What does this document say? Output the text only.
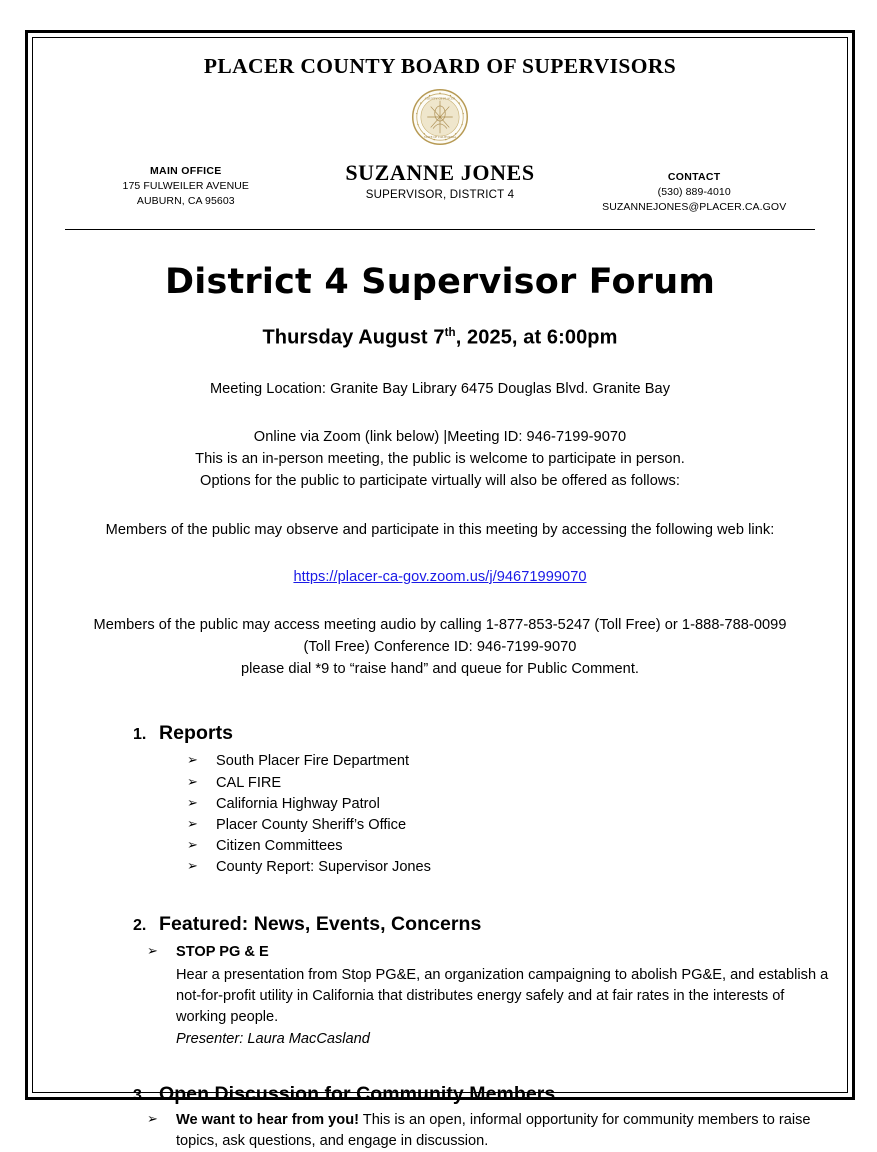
PLACER COUNTY BOARD OF SUPERVISORS
COUNTY OF PLACER
STATE OF CALIFORNIA
MAIN OFFICE
175 FULWEILER AVENUE
AUBURN, CA 95603
SUZANNE JONES
SUPERVISOR, DISTRICT 4
CONTACT
(530) 889-4010
SUZANNEJONES@PLACER.CA.GOV
District 4 Supervisor Forum
Thursday August 7th, 2025, at 6:00pm
Meeting Location: Granite Bay Library 6475 Douglas Blvd. Granite Bay
Online via Zoom (link below) |Meeting ID: 946-7199-9070
This is an in-person meeting, the public is welcome to participate in person.
Options for the public to participate virtually will also be offered as follows:
Members of the public may observe and participate in this meeting by accessing the following web link:
https://placer-ca-gov.zoom.us/j/94671999070
Members of the public may access meeting audio by calling 1-877-853-5247 (Toll Free) or 1-888-788-0099
(Toll Free) Conference ID: 946-7199-9070
please dial *9 to “raise hand” and queue for Public Comment.
1. Reports
➢	South Placer Fire Department
➢	CAL FIRE
➢	California Highway Patrol
➢	Placer County Sheriff’s Office
➢	Citizen Committees
➢	County Report: Supervisor Jones
2. Featured: News, Events, Concerns
➢	STOP PG & E
Hear a presentation from Stop PG&E, an organization campaigning to abolish PG&E, and establish a not-for-profit utility in California that distributes energy safely and at fair rates in the interests of working people.
Presenter: Laura MacCasland
3. Open Discussion for Community Members
➢	We want to hear from you! This is an open, informal opportunity for community members to raise topics, ask questions, and engage in discussion.
